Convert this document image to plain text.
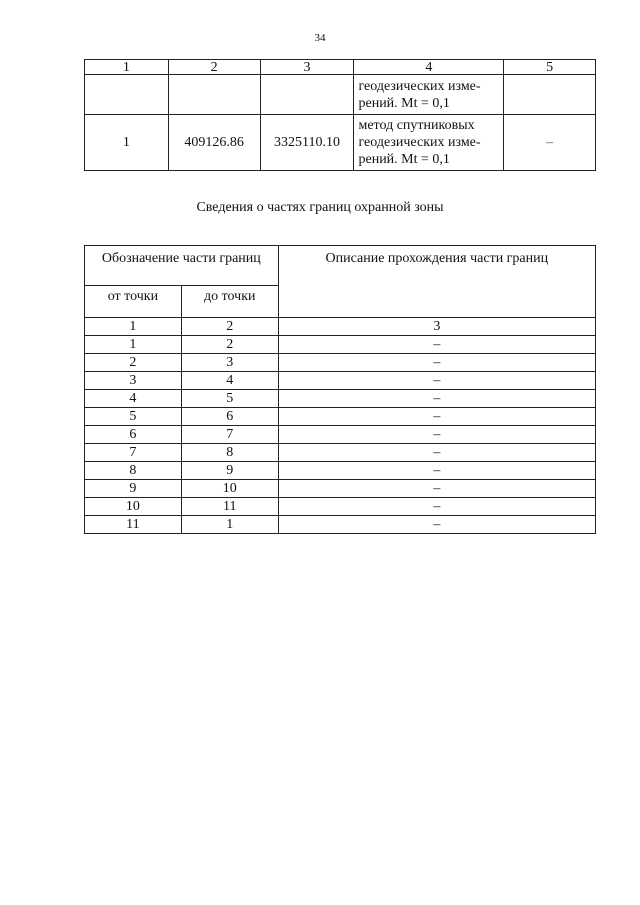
34
1	2	3	4	5

			геодезических изме-
рений. Mt = 0,1	

1	409126.86	3325110.10	метод спутниковых
геодезических изме-
рений. Mt = 0,1	–
Сведения о частях границ охранной зоны
Обозначение части границ		Описание прохождения части границ
от точки	до точки	
1	2	3
1	2	–
2	3	–
3	4	–
4	5	–
5	6	–
6	7	–
7	8	–
8	9	–
9	10	–
10	11	–
11	1	–
